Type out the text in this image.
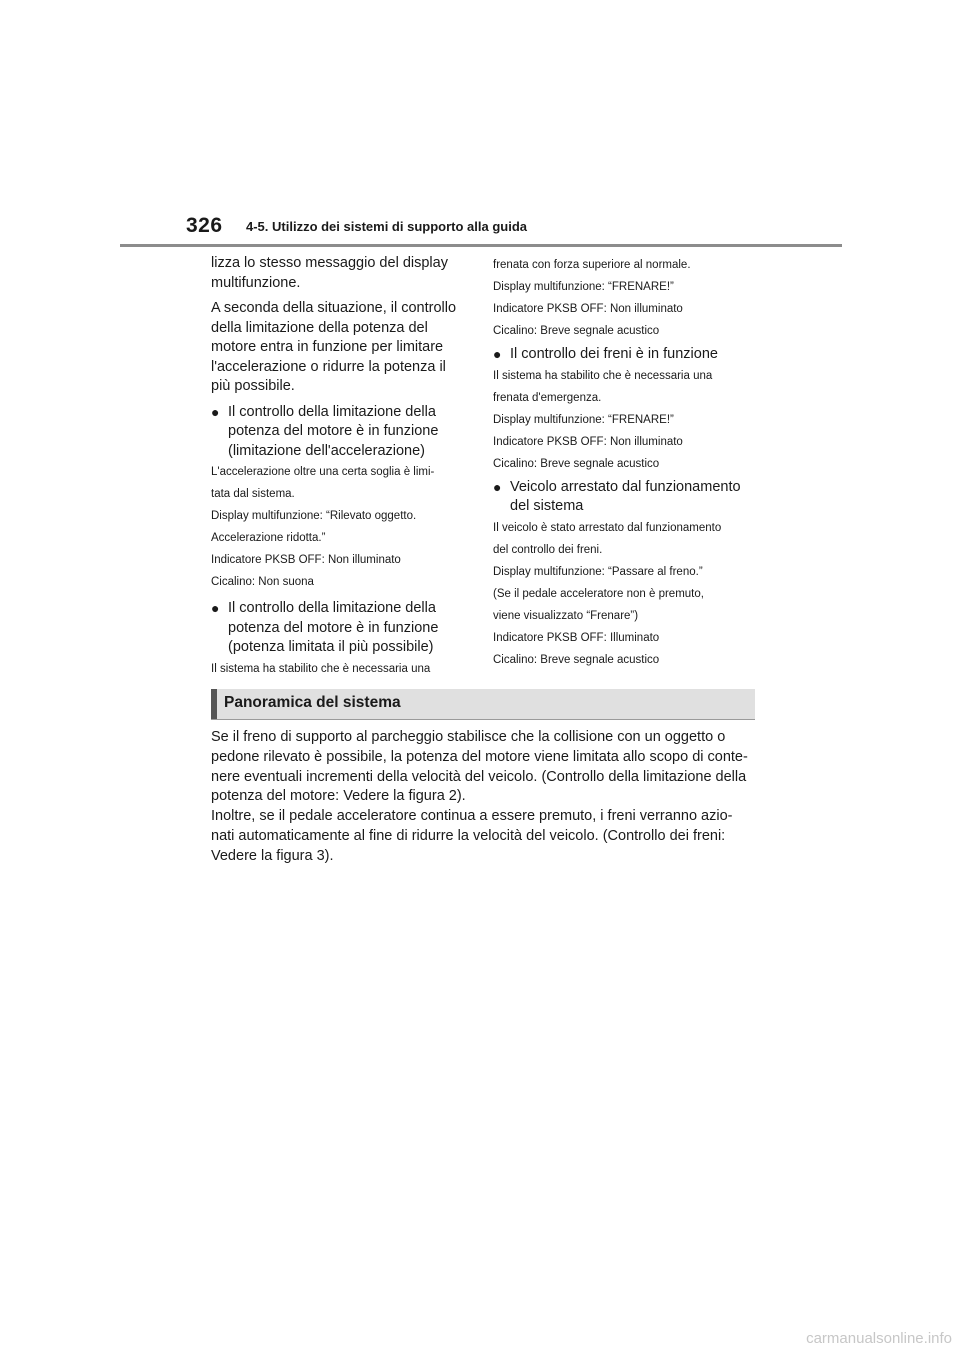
326 4-5. Utilizzo dei sistemi di supporto alla guida

lizza lo stesso messaggio del display
multifunzione.

A seconda della situazione, il controllo
della limitazione della potenza del
motore entra in funzione per limitare
l'accelerazione o ridurre la potenza il
più possibile.

● Il controllo della limitazione della
potenza del motore è in funzione
(limitazione dell'accelerazione)

L'accelerazione oltre una certa soglia è limi-

tata dal sistema.

Display multifunzione: “Rilevato oggetto.

Accelerazione ridotta.”

Indicatore PKSB OFF: Non illuminato

Cicalino: Non suona

● Il controllo della limitazione della
potenza del motore è in funzione
(potenza limitata il più possibile)

Il sistema ha stabilito che è necessaria una

frenata con forza superiore al normale.

Display multifunzione: “FRENARE!”

Indicatore PKSB OFF: Non illuminato

Cicalino: Breve segnale acustico

● Il controllo dei freni è in funzione

Il sistema ha stabilito che è necessaria una

frenata d'emergenza.

Display multifunzione: “FRENARE!”

Indicatore PKSB OFF: Non illuminato

Cicalino: Breve segnale acustico

● Veicolo arrestato dal funzionamento
del sistema

Il veicolo è stato arrestato dal funzionamento

del controllo dei freni.

Display multifunzione: “Passare al freno.”

(Se il pedale acceleratore non è premuto,

viene visualizzato “Frenare”)

Indicatore PKSB OFF: Illuminato

Cicalino: Breve segnale acustico

Panoramica del sistema

Se il freno di supporto al parcheggio stabilisce che la collisione con un oggetto o
pedone rilevato è possibile, la potenza del motore viene limitata allo scopo di conte-
nere eventuali incrementi della velocità del veicolo. (Controllo della limitazione della
potenza del motore: Vedere la figura 2).
Inoltre, se il pedale acceleratore continua a essere premuto, i freni verranno azio-
nati automaticamente al fine di ridurre la velocità del veicolo. (Controllo dei freni:
Vedere la figura 3).

carmanualsonline.info
